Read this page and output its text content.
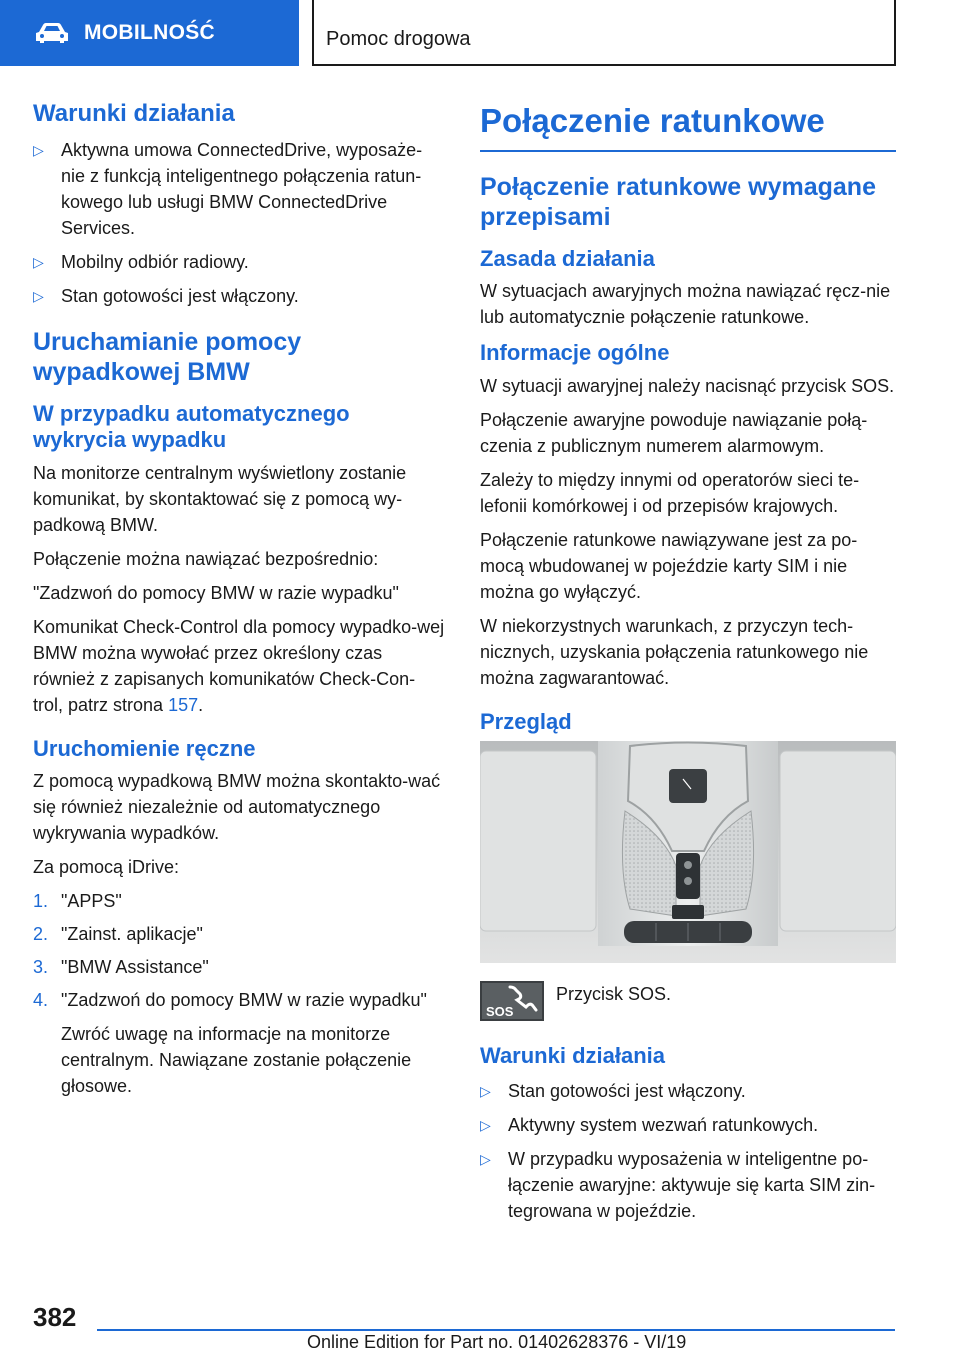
MOBILNOŚĆ	Pomoc drogowa
Warunki działania
▷ Aktywna umowa ConnectedDrive, wyposaże-nie z funkcją inteligentnego połączenia ratun-kowego lub usługi BMW ConnectedDrive Services.
▷ Mobilny odbiór radiowy.
▷ Stan gotowości jest włączony.
Uruchamianie pomocy wypadkowej BMW
W przypadku automatycznego wykrycia wypadku

Na monitorze centralnym wyświetlony zostanie komunikat, by skontaktować się z pomocą wy-padkową BMW.

Połączenie można nawiązać bezpośrednio:

"Zadzwoń do pomocy BMW w razie wypadku"

Komunikat Check-Control dla pomocy wypadko-wej BMW można wywołać przez określony czas również z zapisanych komunikatów Check-Con-trol, patrz strona 157.

Uruchomienie ręczne

Z pomocą wypadkową BMW można skontakto-wać się również niezależnie od automatycznego wykrywania wypadków.

Za pomocą iDrive:

1. "APPS"
2. "Zainst. aplikacje"
3. "BMW Assistance"
4. "Zadzwoń do pomocy BMW w razie wypadku"
Zwróć uwagę na informacje na monitorze centralnym. Nawiązane zostanie połączenie głosowe.
Połączenie ratunkowe
Połączenie ratunkowe wymagane przepisami
Zasada działania

W sytuacjach awaryjnych można nawiązać ręcz-nie lub automatycznie połączenie ratunkowe.

Informacje ogólne

W sytuacji awaryjnej należy nacisnąć przycisk SOS.

Połączenie awaryjne powoduje nawiązanie połą-czenia z publicznym numerem alarmowym.

Zależy to między innymi od operatorów sieci te-lefonii komórkowej i od przepisów krajowych.

Połączenie ratunkowe nawiązywane jest za po-mocą wbudowanej w pojeździe karty SIM i nie można go wyłączyć.

W niekorzystnych warunkach, z przyczyn tech-nicznych, uzyskania połączenia ratunkowego nie można zagwarantować.

Przegląd
SOS
Przycisk SOS.
Warunki działania
▷ Stan gotowości jest włączony.
▷ Aktywny system wezwań ratunkowych.
▷ W przypadku wyposażenia w inteligentne po-łączenie awaryjne: aktywuje się karta SIM zin-tegrowana w pojeździe.
382
Online Edition for Part no. 01402628376 - VI/19
